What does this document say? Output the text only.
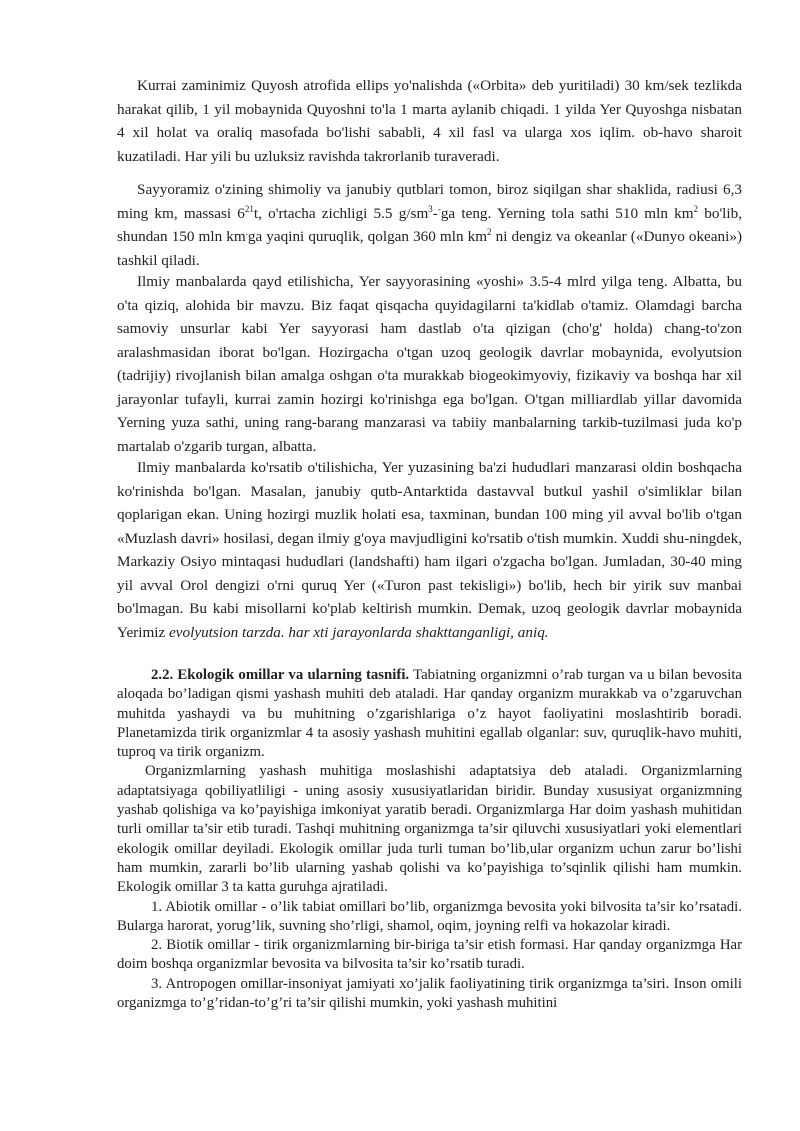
Kurrai zaminimiz Quyosh atrofida ellips yo'nalishda («Orbita» deb yuritiladi) 30 km/sek tezlikda harakat qilib, 1 yil mobaynida Quyoshni to'la 1 marta aylanib chiqadi. 1 yilda Yer Quyoshga nisbatan 4 xil holat va oraliq masofada bo'lishi sababli, 4 xil fasl va ularga xos iqlim. ob-havo sharoit kuzatiladi. Har yili bu uzluksiz ravishda takrorlanib turaveradi.

Sayyoramiz o'zining shimoliy va janubiy qutblari tomon, biroz siqilgan shar shaklida, radiusi 6,3 ming km, massasi $6^{21}t$, o'rtacha zichligi 5.5 $g/sm^3-^-ga$ teng. Yerning tola sathi 510 mln $km^2$ bo'lib, shundan 150 mln km.ga yaqini quruqlik, qolgan 360 mln $km^2$ ni dengiz va okeanlar («Dunyo okeani») tashkil qiladi.

Ilmiy manbalarda qayd etilishicha, Yer sayyorasining «yoshi» 3.5-4 mlrd yilga teng. Albatta, bu o'ta qiziq, alohida bir mavzu. Biz faqat qisqacha quyidagilarni ta'kidlab o'tamiz. Olamdagi barcha samoviy unsurlar kabi Yer sayyorasi ham dastlab o'ta qizigan (cho'g' holda) chang-to'zon aralashmasidan iborat bo'lgan. Hozirgacha o'tgan uzoq geologik davrlar mobaynida, evolyutsion (tadrijiy) rivojlanish bilan amalga oshgan o'ta murakkab biogeokimyoviy, fizikaviy va boshqa har xil jarayonlar tufayli, kurrai zamin hozirgi ko'rinishga ega bo'lgan. O'tgan milliardlab yillar davomida Yerning yuza sathi, uning rang-barang manzarasi va tabiiy manbalarning tarkib-tuzilmasi juda ko'p martalab o'zgarib turgan, albatta.

Ilmiy manbalarda ko'rsatib o'tilishicha, Yer yuzasining ba'zi hududlari manzarasi oldin boshqacha ko'rinishda bo'lgan. Masalan, janubiy qutb-Antarktida dastavval butkul yashil o'simliklar bilan qoplarigan ekan. Uning hozirgi muzlik holati esa, taxminan, bundan 100 ming yil avval bo'lib o'tgan «Muzlash davri» hosilasi, degan ilmiy g'oya mavjudligini ko'rsatib o'tish mumkin. Xuddi shu-ningdek, Markaziy Osiyo mintaqasi hududlari (landshafti) ham ilgari o'zgacha bo'lgan. Jumladan, 30-40 ming yil avval Orol dengizi o'rni quruq Yer («Turon past tekisligi») bo'lib, hech bir yirik suv manbai bo'lmagan. Bu kabi misollarni ko'plab keltirish mumkin. Demak, uzoq geologik davrlar mobaynida Yerimiz evolyutsion tarzda. har xti jarayonlarda shakttanganligi, aniq.

2.2. Ekologik omillar va ularning tasnifi. Tabiatning organizmni o’rab turgan va u bilan bevosita aloqada bo’ladigan qismi yashash muhiti deb ataladi. Har qanday organizm murakkab va o’zgaruvchan muhitda yashaydi va bu muhitning o’zgarishlariga o’z hayot faoliyatini moslashtirib boradi. Planetamizda tirik organizmlar 4 ta asosiy yashash muhitini egallab olganlar: suv, quruqlik-havo muhiti, tuproq va tirik organizm.

Organizmlarning yashash muhitiga moslashishi adaptatsiya deb ataladi. Organizmlarning adaptatsiyaga qobiliyatliligi - uning asosiy xususiyatlaridan biridir. Bunday xususiyat organizmning yashab qolishiga va ko’payishiga imkoniyat yaratib beradi. Organizmlarga Har doim yashash muhitidan turli omillar ta’sir etib turadi. Tashqi muhitning organizmga ta’sir qiluvchi xususiyatlari yoki elementlari ekologik omillar deyiladi. Ekologik omillar juda turli tuman bo’lib,ular organizm uchun zarur bo’lishi ham mumkin, zararli bo’lib ularning yashab qolishi va ko’payishiga to’sqinlik qilishi ham mumkin. Ekologik omillar 3 ta katta guruhga ajratiladi.

1. Abiotik omillar - o’lik tabiat omillari bo’lib, organizmga bevosita yoki bilvosita ta’sir ko’rsatadi. Bularga harorat, yorug’lik, suvning sho’rligi, shamol, oqim, joyning relfi va hokazolar kiradi.

2. Biotik omillar - tirik organizmlarning bir-biriga ta’sir etish formasi. Har qanday organizmga Har doim boshqa organizmlar bevosita va bilvosita ta’sir ko’rsatib turadi.

3. Antropogen omillar-insoniyat jamiyati xo’jalik faoliyatining tirik organizmga ta’siri. Inson omili organizmga to’g’ridan-to’g’ri ta’sir qilishi mumkin, yoki yashash muhitini
